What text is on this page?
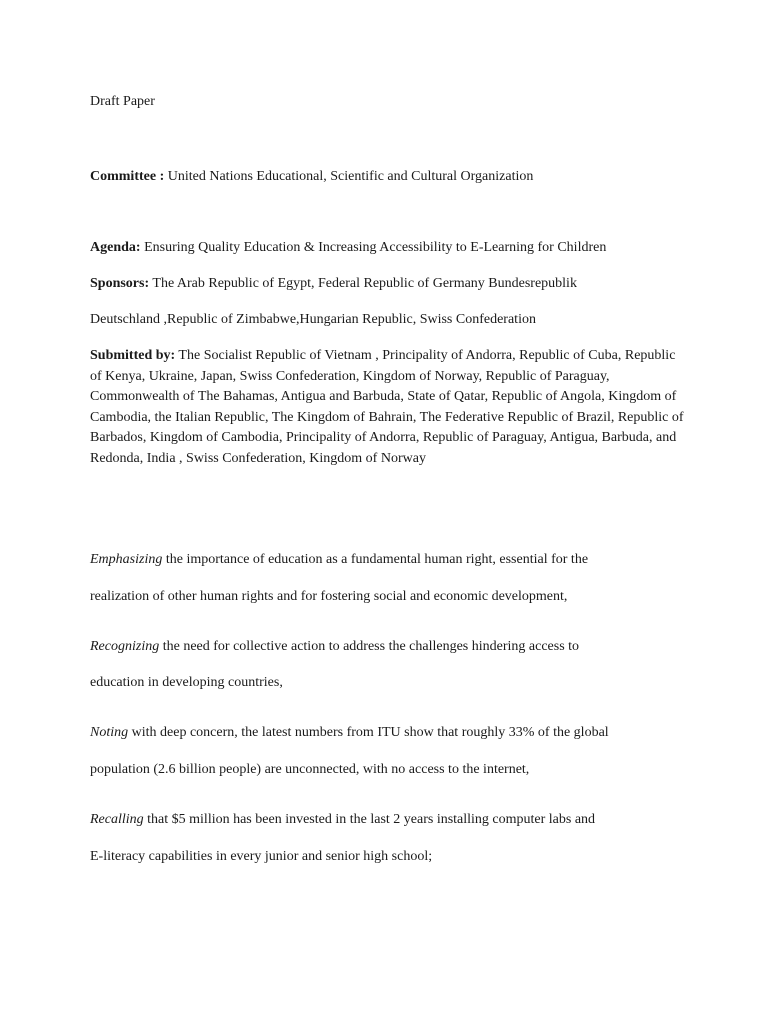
Draft Paper
Committee : United Nations Educational, Scientific and Cultural Organization
Agenda: Ensuring Quality Education & Increasing Accessibility to E-Learning for Children
Sponsors: The Arab Republic of Egypt, Federal Republic of Germany Bundesrepublik
Deutschland ,Republic of Zimbabwe,Hungarian Republic, Swiss Confederation
Submitted by: The Socialist Republic of Vietnam , Principality of Andorra, Republic of Cuba, Republic of Kenya, Ukraine, Japan, Swiss Confederation, Kingdom of Norway, Republic of Paraguay, Commonwealth of The Bahamas, Antigua and Barbuda, State of Qatar, Republic of Angola, Kingdom of Cambodia, the Italian Republic, The Kingdom of Bahrain, The Federative Republic of Brazil, Republic of Barbados, Kingdom of Cambodia, Principality of Andorra, Republic of Paraguay, Antigua, Barbuda, and Redonda, India , Swiss Confederation, Kingdom of Norway
Emphasizing the importance of education as a fundamental human right, essential for the
realization of other human rights and for fostering social and economic development,
Recognizing the need for collective action to address the challenges hindering access to
education in developing countries,
Noting with deep concern, the latest numbers from ITU show that roughly 33% of the global
population (2.6 billion people) are unconnected, with no access to the internet,
Recalling that $5 million has been invested in the last 2 years installing computer labs and
E-literacy capabilities in every junior and senior high school;
